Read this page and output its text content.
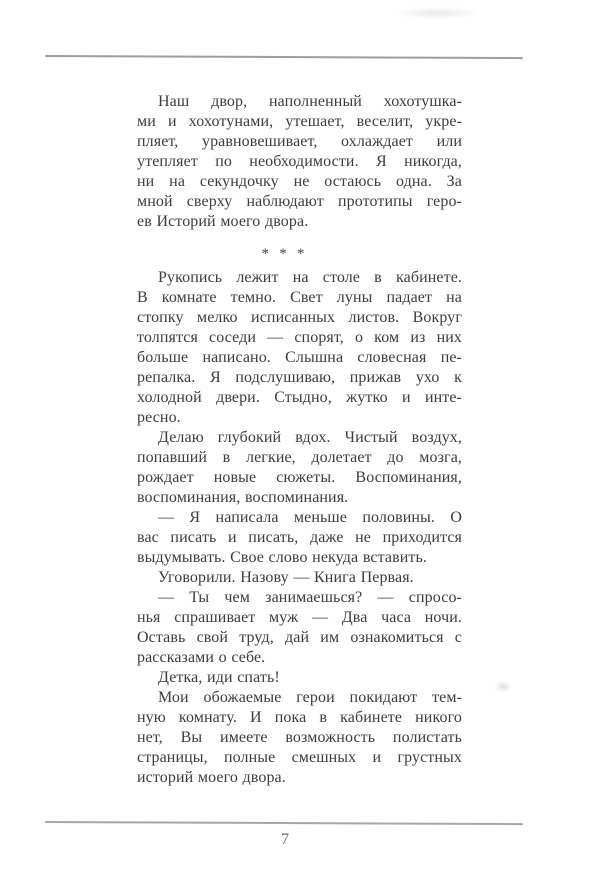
Наш двор, наполненный хохотушка-
ми и хохотунами, утешает, веселит, укре-
пляет, уравновешивает, охлаждает или
утепляет по необходимости. Я никогда,
ни на секундочку не остаюсь одна. За
мной сверху наблюдают прототипы геро-
ев Историй моего двора.
* * *
Рукопись лежит на столе в кабинете.
В комнате темно. Свет луны падает на
стопку мелко исписанных листов. Вокруг
толпятся соседи — спорят, о ком из них
больше написано. Слышна словесная пе-
репалка. Я подслушиваю, прижав ухо к
холодной двери. Стыдно, жутко и инте-
ресно.
Делаю глубокий вдох. Чистый воздух,
попавший в легкие, долетает до мозга,
рождает новые сюжеты. Воспоминания,
воспоминания, воспоминания.
— Я написала меньше половины. О
вас писать и писать, даже не приходится
выдумывать. Свое слово некуда вставить.
Уговорили. Назову — Книга Первая.
— Ты чем занимаешься? — спросо-
нья спрашивает муж — Два часа ночи.
Оставь свой труд, дай им ознакомиться с
рассказами о себе.
Детка, иди спать!
Мои обожаемые герои покидают тем-
ную комнату. И пока в кабинете никого
нет, Вы имеете возможность полистать
страницы, полные смешных и грустных
историй моего двора.
7
